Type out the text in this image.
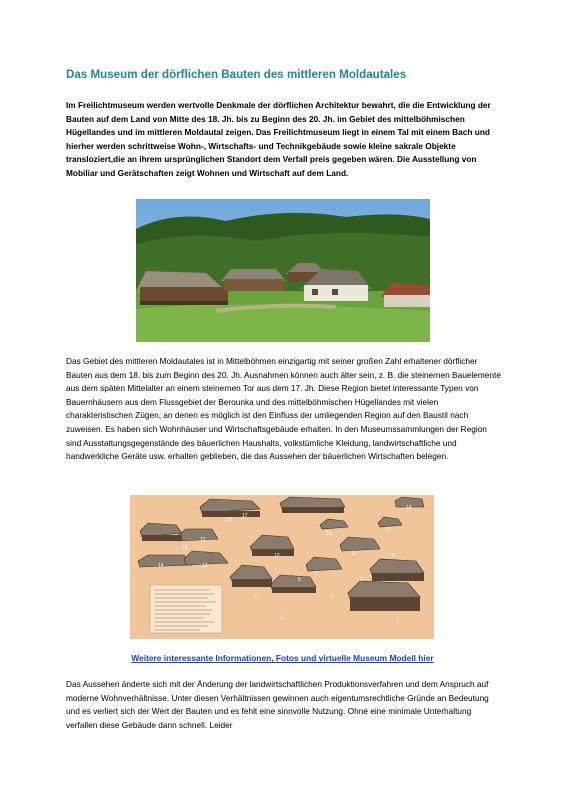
Das Museum der dörflichen Bauten des mittleren Moldautales
Im Freilichtmuseum werden wertvolle Denkmale der dörflichen Architektur bewahrt, die die Entwicklung der Bauten auf dem Land von Mitte des 18. Jh. bis zu Beginn des 20. Jh. im Gebiet des mittelböhmischen Hügellandes und im mittleren Moldautal zeigen. Das Freilichtmuseum liegt in einem Tal mit einem Bach und hierher werden schrittweise Wohn-, Wirtschafts- und Technikgebäude sowie kleine sakrale Objekte transloziert,die an ihrem ursprünglichen Standort dem Verfall preis gegeben wären. Die Ausstellung von Mobiliar und Gerätschaften zeigt Wohnen und Wirtschaft auf dem Land.
Das Gebiet des mittleren Moldautales ist in Mittelböhmen einzigartig mit seiner großen Zahl erhaltener dörflicher Bauten aus dem 18. bis zum Beginn des 20. Jh. Ausnahmen können auch älter sein, z. B. die steinernen Bauelemente aus dem späten Mittelalter an einem steinernen Tor aus dem 17. Jh. Diese Region bietet interessante Typen von Bauernhäusern aus dem Flussgebiet der Berounka und des mittelböhmischen Hügellandes mit vielen charakteristischen Zügen, an denen es möglich ist den Einfluss der umliegenden Region auf den Baustil nach zuweisen. Es haben sich Wohnhäuser und Wirtschaftsgebäude erhalten. In den Museumssammlungen der Region sind Ausstattungsgegenstände des bäuerlichen Haushalts, volkstümliche Kleidung, landwirtschaftliche und handwerkliche Geräte usw. erhalten geblieben, die das Aussehen der bäuerlichen Wirtschaften belegen.
1
2
3	4
5	6
7
8
9
10
11
12
13
14
15
16
17
18
19
Weitere interessante Informationen, Fotos und virtuelle Museum Modell hier
Das Aussehen änderte sich mit der Änderung der landwirtschaftlichen Produktionsverfahren und dem Anspruch auf moderne Wohnverhältnisse. Unter diesen Verhältnissen gewinnen auch eigentumsrechtliche Gründe an Bedeutung und es verliert sich der Wert der Bauten und es fehlt eine sinnvolle Nutzung. Ohne eine minimale Unterhaltung verfallen diese Gebäude dann schnell. Leider
